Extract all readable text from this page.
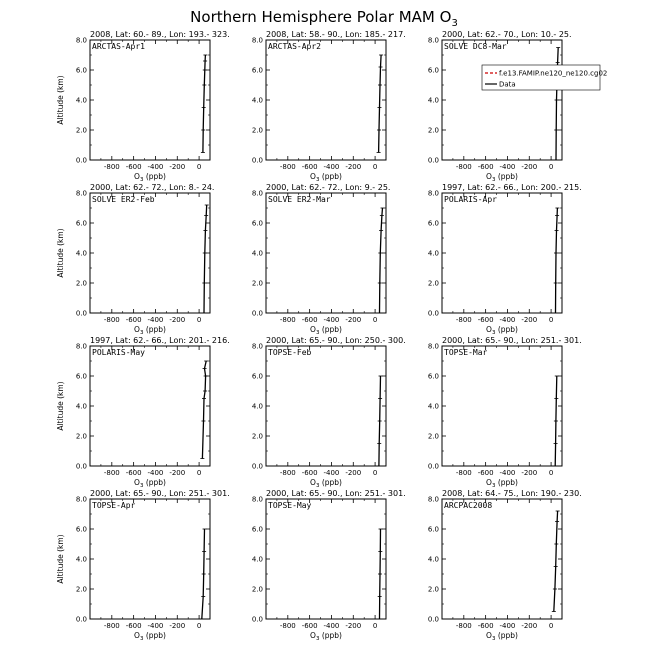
Northern Hemisphere Polar MAM $O_3$
2008, Lat: 60.- 89., Lon: 193.- 323.
ARCTAS-Apr1
-800 -600 -400 -200 0
0.0
2.0
4.0
6.0
8.0
$O_3$ (ppb)
Altitude (km)
2008, Lat: 58.- 90., Lon: 185.- 217.
ARCTAS-Apr2
-800 -600 -400 -200 0
0.0
2.0
4.0
6.0
8.0
$O_3$ (ppb)
2000, Lat: 62.- 70., Lon: 10.- 25.
SOLVE DC8-Mar
-800 -600 -400 -200 0
0.0
2.0
4.0
6.0
8.0
$O_3$ (ppb)
f.e13.FAMIP.ne120_ne120.cg02
Data
2000, Lat: 62.- 72., Lon: 8.- 24.
SOLVE ER2-Feb
-800 -600 -400 -200 0
0.0
2.0
4.0
6.0
8.0
$O_3$ (ppb)
Altitude (km)
2000, Lat: 62.- 72., Lon: 9.- 25.
SOLVE ER2-Mar
-800 -600 -400 -200 0
0.0
2.0
4.0
6.0
8.0
$O_3$ (ppb)
1997, Lat: 62.- 66., Lon: 200.- 215.
POLARIS-Apr
-800 -600 -400 -200 0
0.0
2.0
4.0
6.0
8.0
$O_3$ (ppb)
1997, Lat: 62.- 66., Lon: 201.- 216.
POLARIS-May
-800 -600 -400 -200 0
0.0
2.0
4.0
6.0
8.0
$O_3$ (ppb)
Altitude (km)
2000, Lat: 65.- 90., Lon: 250.- 300.
TOPSE-Feb
-800 -600 -400 -200 0
0.0
2.0
4.0
6.0
8.0
$O_3$ (ppb)
2000, Lat: 65.- 90., Lon: 251.- 301.
TOPSE-Mar
-800 -600 -400 -200 0
0.0
2.0
4.0
6.0
8.0
$O_3$ (ppb)
2000, Lat: 65.- 90., Lon: 251.- 301.
TOPSE-Apr
-800 -600 -400 -200 0
0.0
2.0
4.0
6.0
8.0
$O_3$ (ppb)
Altitude (km)
2000, Lat: 65.- 90., Lon: 251.- 301.
TOPSE-May
-800 -600 -400 -200 0
0.0
2.0
4.0
6.0
8.0
$O_3$ (ppb)
2008, Lat: 64.- 75., Lon: 190.- 230.
ARCPAC2008
-800 -600 -400 -200 0
0.0
2.0
4.0
6.0
8.0
$O_3$ (ppb)
